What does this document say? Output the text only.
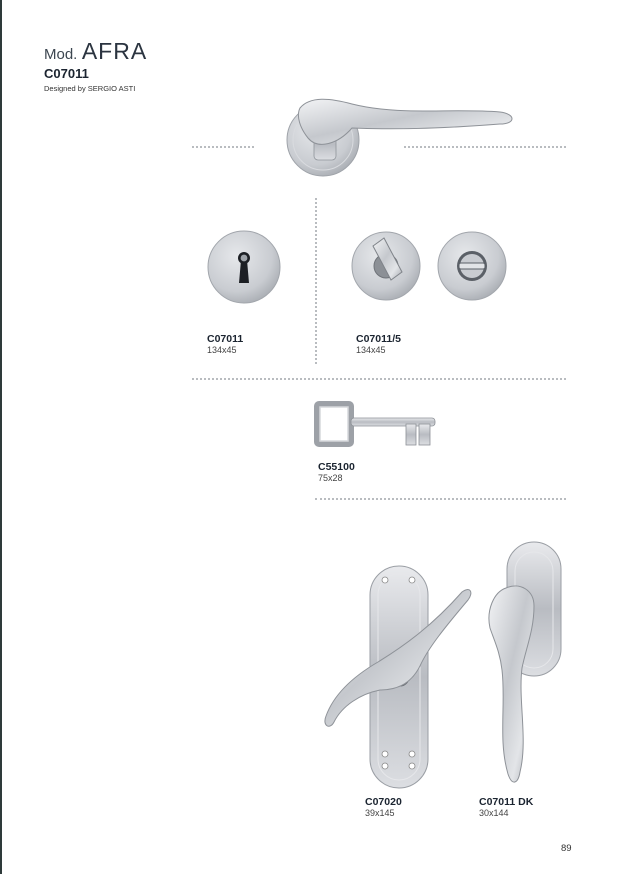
Mod. AFRA
C07011
Designed by SERGIO ASTI
C07011
134x45
C07011/5
134x45
C55100
75x28
C07020
39x145
C07011 DK
30x144
89
